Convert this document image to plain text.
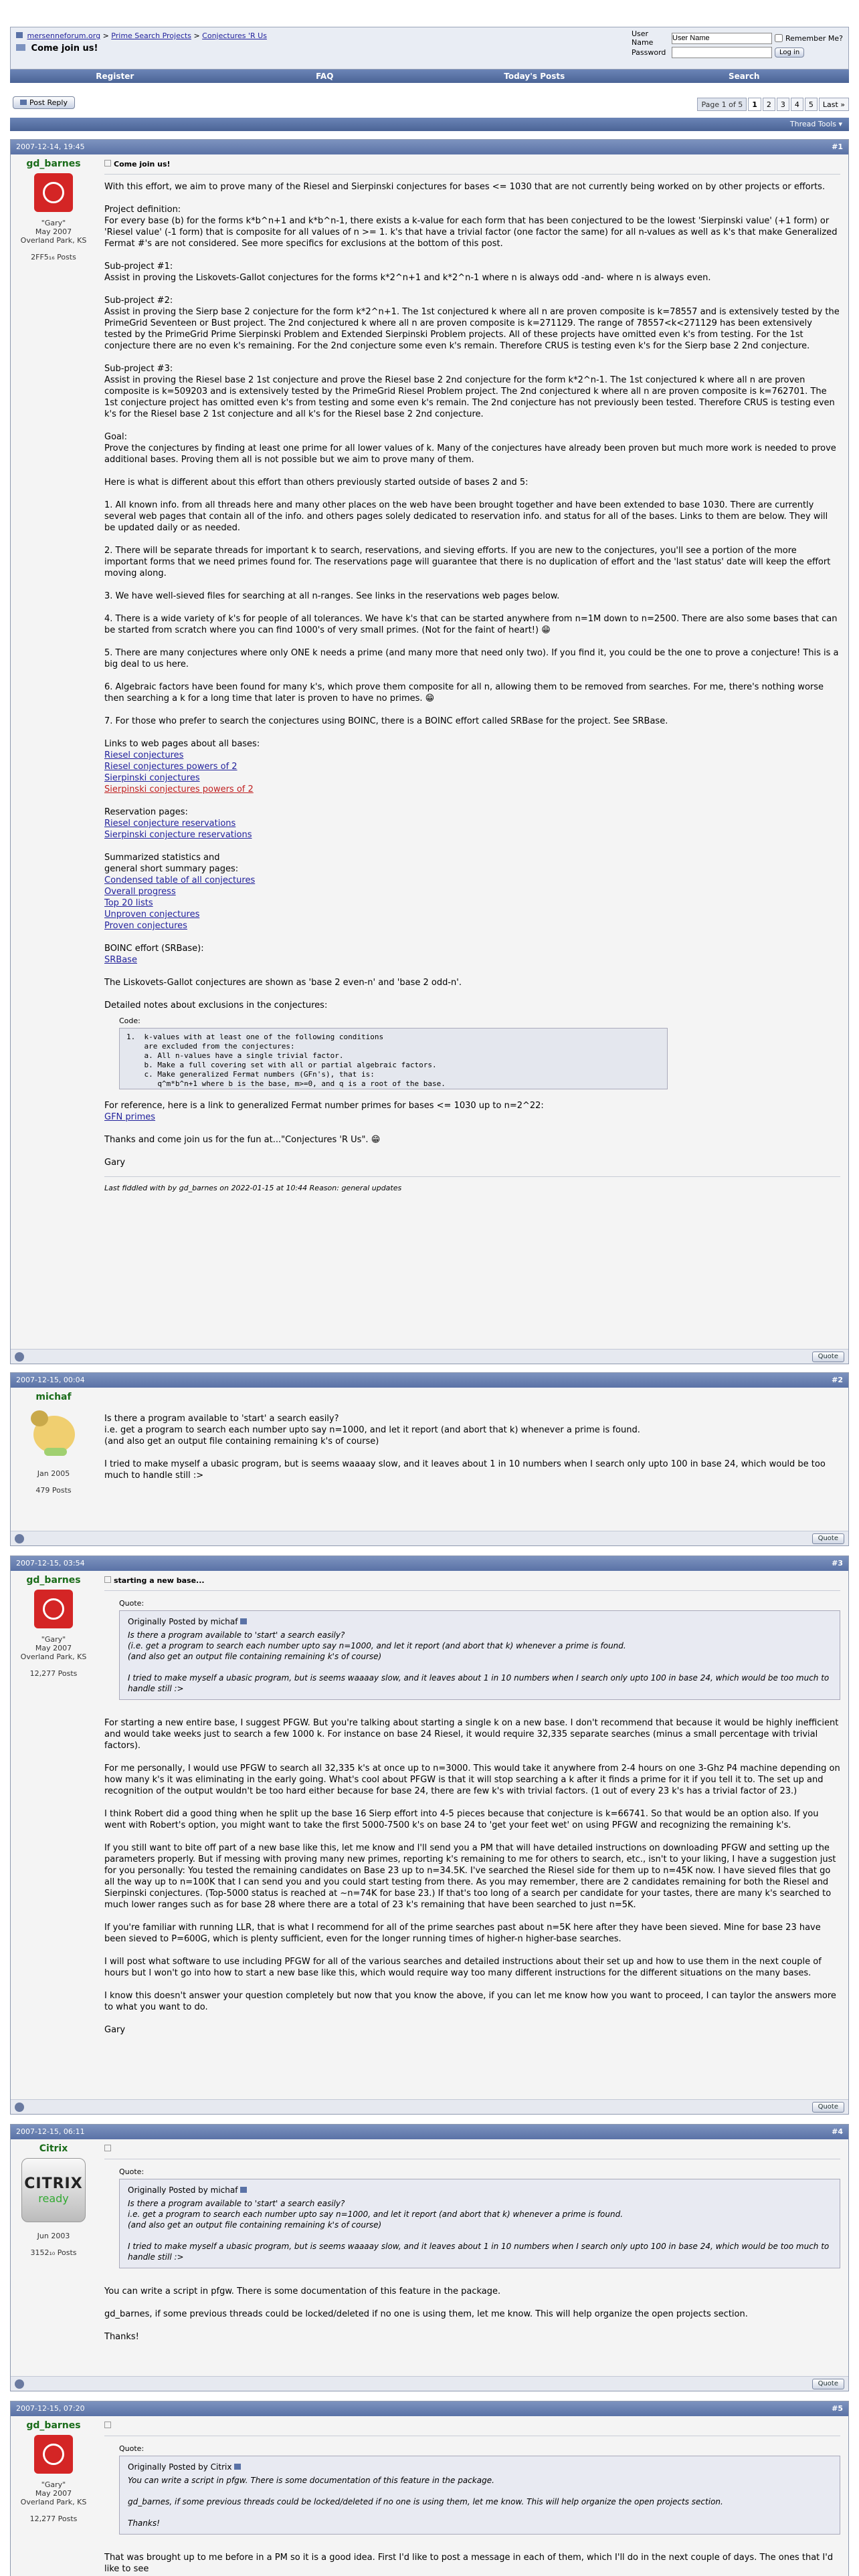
mersenneforum.org > Prime Search Projects > Conjectures 'R Us
Come join us!
User Name
User Name	Remember Me?
Password	Log in
Register	FAQ	Today's Posts	Search
Post Reply	Page 1 of 5	1	2	3	4	5	Last »
Thread Tools ▾
2007-12-14, 19:45	#1
gd_barnes
"Gary"
May 2007
Overland Park, KS
2FF5₁₆ Posts
Come join us!

With this effort, we aim to prove many of the Riesel and Sierpinski conjectures for bases <= 1030 that are not currently being worked on by other projects or efforts.

Project definition:
For every base (b) for the forms k*b^n+1 and k*b^n-1, there exists a k-value for each form that has been conjectured to be the lowest 'Sierpinski value' (+1 form) or 'Riesel value' (-1 form) that is composite for all values of n >= 1. k's that have a trivial factor (one factor the same) for all n-values as well as k's that make Generalized Fermat #'s are not considered. See more specifics for exclusions at the bottom of this post.

Sub-project #1:
Assist in proving the Liskovets-Gallot conjectures for the forms k*2^n+1 and k*2^n-1 where n is always odd -and- where n is always even.

Sub-project #2:
Assist in proving the Sierp base 2 conjecture for the form k*2^n+1. The 1st conjectured k where all n are proven composite is k=78557 and is extensively tested by the PrimeGrid Seventeen or Bust project. The 2nd conjectured k where all n are proven composite is k=271129. The range of 78557<k<271129 has been extensively tested by the PrimeGrid Prime Sierpinski Problem and Extended Sierpinski Problem projects. All of these projects have omitted even k's from testing. For the 1st conjecture there are no even k's remaining. For the 2nd conjecture some even k's remain. Therefore CRUS is testing even k's for the Sierp base 2 2nd conjecture.

Sub-project #3:
Assist in proving the Riesel base 2 1st conjecture and prove the Riesel base 2 2nd conjecture for the form k*2^n-1. The 1st conjectured k where all n are proven composite is k=509203 and is extensively tested by the PrimeGrid Riesel Problem project. The 2nd conjectured k where all n are proven composite is k=762701. The 1st conjecture project has omitted even k's from testing and some even k's remain. The 2nd conjecture has not previously been tested. Therefore CRUS is testing even k's for the Riesel base 2 1st conjecture and all k's for the Riesel base 2 2nd conjecture.

Goal:
Prove the conjectures by finding at least one prime for all lower values of k. Many of the conjectures have already been proven but much more work is needed to prove additional bases. Proving them all is not possible but we aim to prove many of them.

Here is what is different about this effort than others previously started outside of bases 2 and 5:

1. All known info. from all threads here and many other places on the web have been brought together and have been extended to base 1030. There are currently several web pages that contain all of the info. and others pages solely dedicated to reservation info. and status for all of the bases. Links to them are below. They will be updated daily or as needed.

2. There will be separate threads for important k to search, reservations, and sieving efforts. If you are new to the conjectures, you'll see a portion of the more important forms that we need primes found for. The reservations page will guarantee that there is no duplication of effort and the 'last status' date will keep the effort moving along.

3. We have well-sieved files for searching at all n-ranges. See links in the reservations web pages below.

4. There is a wide variety of k's for people of all tolerances. We have k's that can be started anywhere from n=1M down to n=2500. There are also some bases that can be started from scratch where you can find 1000's of very small primes. (Not for the faint of heart!) 😁

5. There are many conjectures where only ONE k needs a prime (and many more that need only two). If you find it, you could be the one to prove a conjecture! This is a big deal to us here.

6. Algebraic factors have been found for many k's, which prove them composite for all n, allowing them to be removed from searches. For me, there's nothing worse then searching a k for a long time that later is proven to have no primes. 😁

7. For those who prefer to search the conjectures using BOINC, there is a BOINC effort called SRBase for the project. See SRBase.

Links to web pages about all bases:

Riesel conjectures
Riesel conjectures powers of 2
Sierpinski conjectures
Sierpinski conjectures powers of 2

Reservation pages:

Riesel conjecture reservations
Sierpinski conjecture reservations

Summarized statistics and
general short summary pages:

Condensed table of all conjectures
Overall progress
Top 20 lists
Unproven conjectures
Proven conjectures

BOINC effort (SRBase):

SRBase

The Liskovets-Gallot conjectures are shown as 'base 2 even-n' and 'base 2 odd-n'.

Detailed notes about exclusions in the conjectures:

Code:
1.  k-values with at least one of the following conditions
are excluded from the conjectures:
a. All n-values have a single trivial factor.
b. Make a full covering set with all or partial algebraic factors.
c. Make generalized Fermat numbers (GFn's), that is:
q^m*b^n+1 where b is the base, m>=0, and q is a root of the base.

For reference, here is a link to generalized Fermat number primes for bases <= 1030 up to n=2^22:

GFN primes

Thanks and come join us for the fun at..."Conjectures 'R Us". 😁

Gary

Last fiddled with by gd_barnes on 2022-01-15 at 10:44 Reason: general updates
Quote
2007-12-15, 00:04	#2
michaf
Jan 2005
479 Posts

Is there a program available to 'start' a search easily?
i.e. get a program to search each number upto say n=1000, and let it report (and abort that k) whenever a prime is found.
(and also get an output file containing remaining k's of course)

I tried to make myself a ubasic program, but is seems waaaay slow, and it leaves about 1 in 10 numbers when I search only upto 100 in base 24, which would be too much to handle still :>

Quote
2007-12-15, 03:54	#3
gd_barnes
"Gary"
May 2007
Overland Park, KS
12,277 Posts
starting a new base...
Quote:
Originally Posted by michaf
Is there a program available to 'start' a search easily?
(i.e. get a program to search each number upto say n=1000, and let it report (and abort that k) whenever a prime is found.
(and also get an output file containing remaining k's of course)

I tried to make myself a ubasic program, but is seems waaaay slow, and it leaves about 1 in 10 numbers when I search only upto 100 in base 24, which would be too much to handle still :>

For starting a new entire base, I suggest PFGW. But you're talking about starting a single k on a new base. I don't recommend that because it would be highly inefficient and would take weeks just to search a few 1000 k. For instance on base 24 Riesel, it would require 32,335 separate searches (minus a small percentage with trivial factors).

For me personally, I would use PFGW to search all 32,335 k's at once up to n=3000. This would take it anywhere from 2-4 hours on one 3-Ghz P4 machine depending on how many k's it was eliminating in the early going. What's cool about PFGW is that it will stop searching a k after it finds a prime for it if you tell it to. The set up and recognition of the output wouldn't be too hard either because for base 24, there are few k's with trivial factors. (1 out of every 23 k's has a trivial factor of 23.)

I think Robert did a good thing when he split up the base 16 Sierp effort into 4-5 pieces because that conjecture is k=66741. So that would be an option also. If you went with Robert's option, you might want to take the first 5000-7500 k's on base 24 to 'get your feet wet' on using PFGW and recognizing the remaining k's.

If you still want to bite off part of a new base like this, let me know and I'll send you a PM that will have detailed instructions on downloading PFGW and setting up the parameters properly. But if messing with proving many new primes, reporting k's remaining to me for others to search, etc., isn't to your liking, I have a suggestion just for you personally: You tested the remaining candidates on Base 23 up to n=34.5K. I've searched the Riesel side for them up to n=45K now. I have sieved files that go all the way up to n=100K that I can send you and you could start testing from there. As you may remember, there are 2 candidates remaining for both the Riesel and Sierpinski conjectures. (Top-5000 status is reached at ~n=74K for base 23.) If that's too long of a search per candidate for your tastes, there are many k's searched to much lower ranges such as for base 28 where there are a total of 23 k's remaining that have been searched to just n=5K.

If you're familiar with running LLR, that is what I recommend for all of the prime searches past about n=5K here after they have been sieved. Mine for base 23 have been sieved to P=600G, which is plenty sufficient, even for the longer running times of higher-n higher-base searches.

I will post what software to use including PFGW for all of the various searches and detailed instructions about their set up and how to use them in the next couple of hours but I won't go into how to start a new base like this, which would require way too many different instructions for the different situations on the many bases.

I know this doesn't answer your question completely but now that you know the above, if you can let me know how you want to proceed, I can taylor the answers more to what you want to do.

Gary

Quote
2007-12-15, 06:11	#4
Citrix
CITRIX
ready
Jun 2003
3152₁₀ Posts
Quote:
Originally Posted by michaf
Is there a program available to 'start' a search easily?
i.e. get a program to search each number upto say n=1000, and let it report (and abort that k) whenever a prime is found.
(and also get an output file containing remaining k's of course)

I tried to make myself a ubasic program, but is seems waaaay slow, and it leaves about 1 in 10 numbers when I search only upto 100 in base 24, which would be too much to handle still :>

You can write a script in pfgw. There is some documentation of this feature in the package.

gd_barnes, if some previous threads could be locked/deleted if no one is using them, let me know. This will help organize the open projects section.

Thanks!

Quote
2007-12-15, 07:20	#5
gd_barnes
"Gary"
May 2007
Overland Park, KS
12,277 Posts
Quote:
Originally Posted by Citrix
You can write a script in pfgw. There is some documentation of this feature in the package.

gd_barnes, if some previous threads could be locked/deleted if no one is using them, let me know. This will help organize the open projects section.

Thanks!

That was brought up to me before in a PM so it is a good idea. First I'd like to post a message in each of them, which I'll do in the next couple of days. The ones that I'd like to see
